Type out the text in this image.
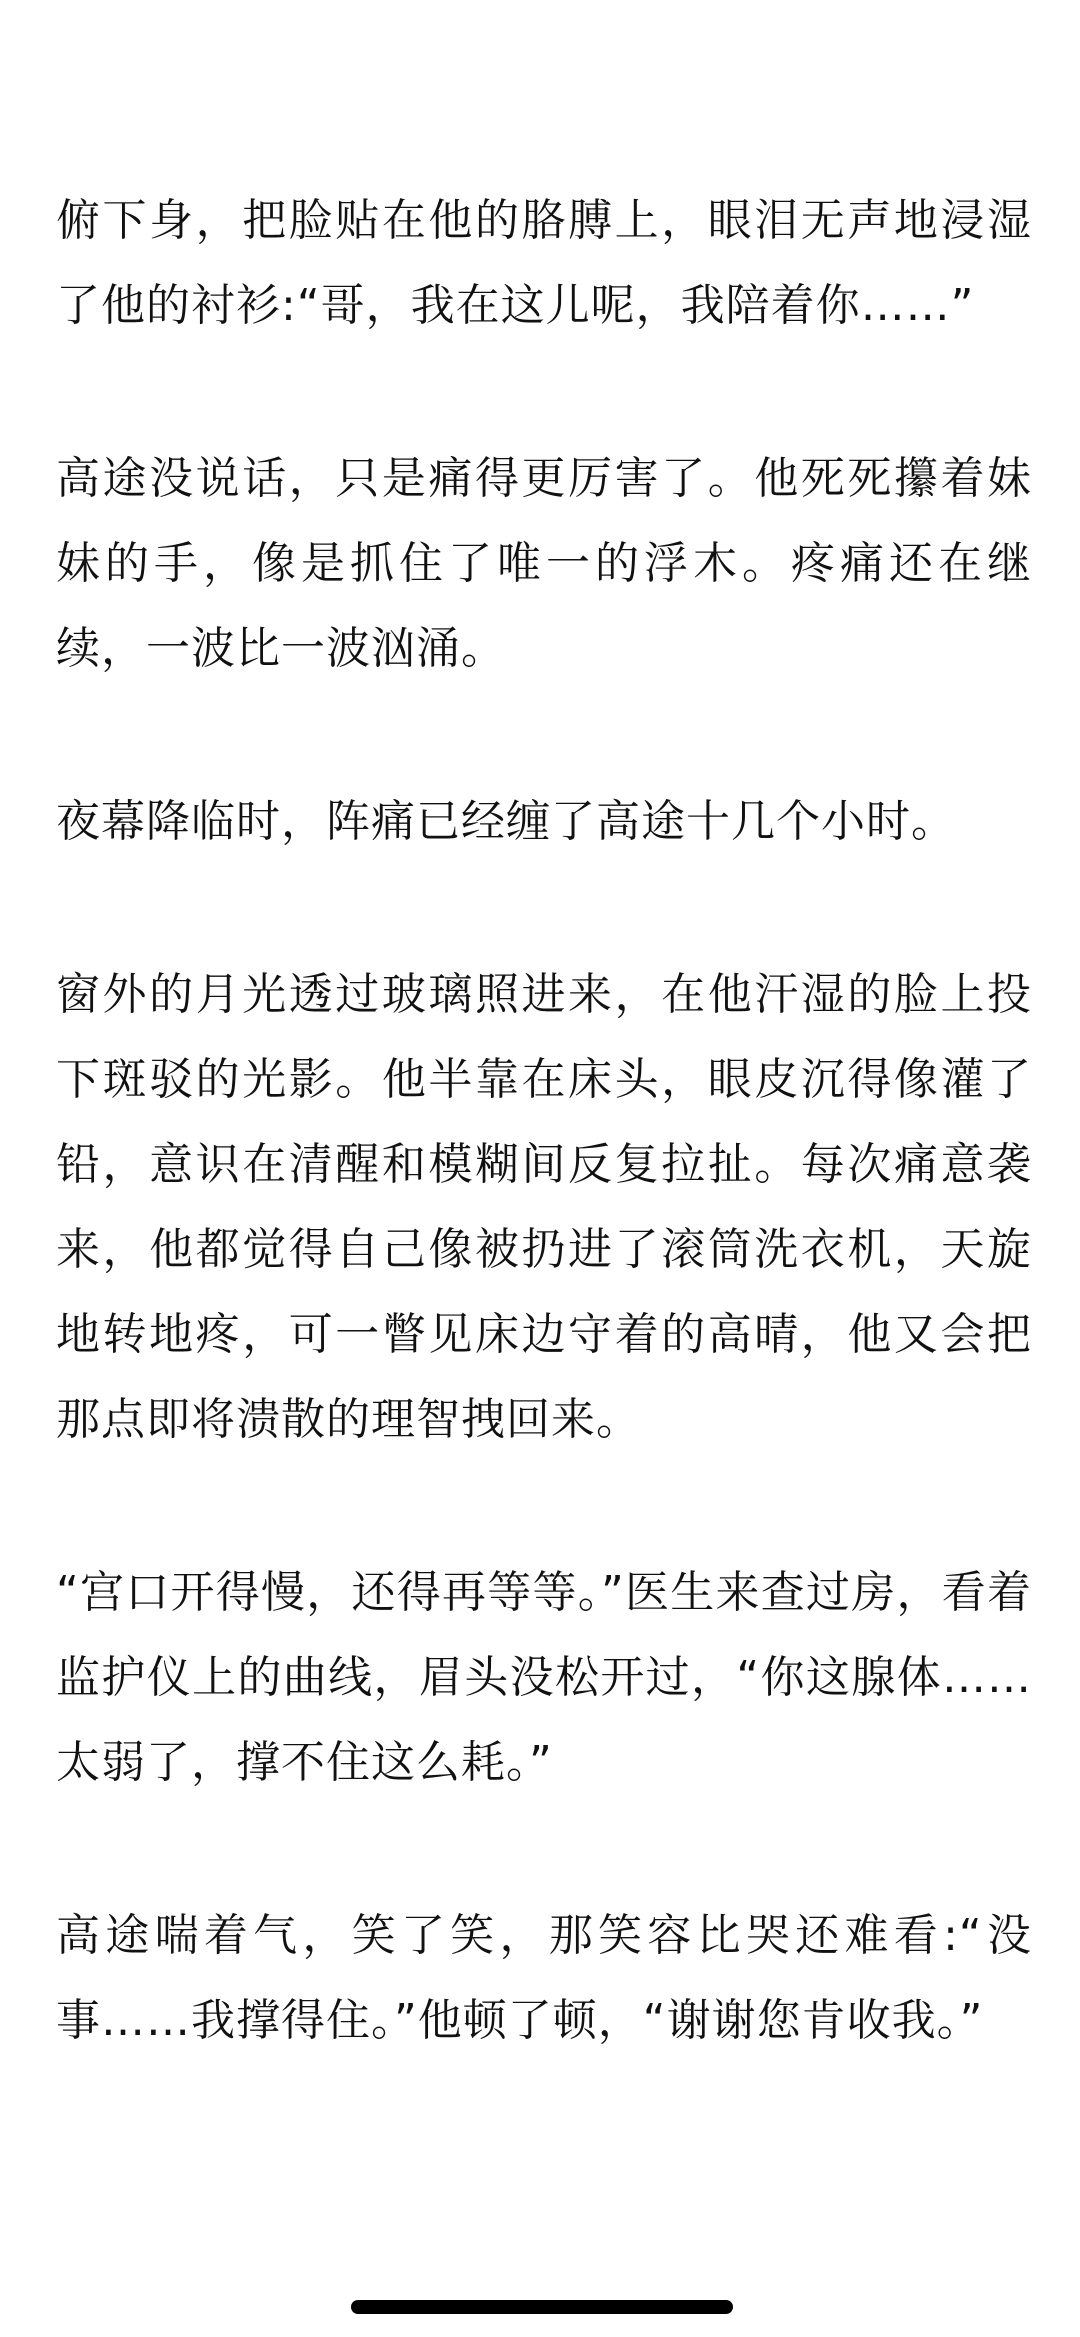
俯下身，把脸贴在他的胳膊上，眼泪无声地浸湿了他的衬衫:“哥，我在这儿呢，我陪着你……”

高途没说话，只是痛得更厉害了。他死死攥着妹妹的手，像是抓住了唯一的浮木。疼痛还在继续，一波比一波汹涌。

夜幕降临时，阵痛已经缠了高途十几个小时。

窗外的月光透过玻璃照进来，在他汗湿的脸上投下斑驳的光影。他半靠在床头，眼皮沉得像灌了铅，意识在清醒和模糊间反复拉扯。每次痛意袭来，他都觉得自己像被扔进了滚筒洗衣机，天旋地转地疼，可一瞥见床边守着的高晴，他又会把那点即将溃散的理智拽回来。

“宫口开得慢，还得再等等。”医生来查过房，看着监护仪上的曲线，眉头没松开过，“你这腺体……太弱了，撑不住这么耗。”

高途喘着气，笑了笑，那笑容比哭还难看:“没事……我撑得住。”他顿了顿，“谢谢您肯收我。”
